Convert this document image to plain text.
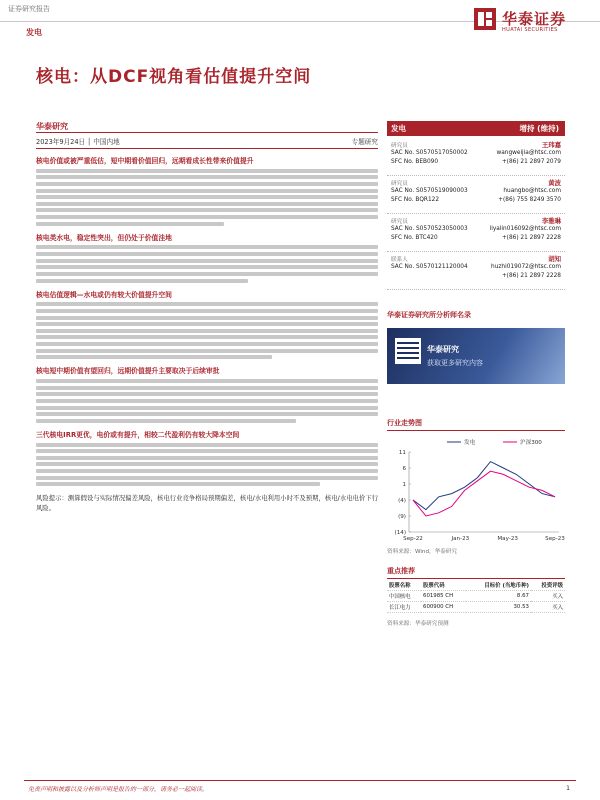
证券研究报告
发电
华泰证券
HUATAI SECURITIES
核电：从DCF视角看估值提升空间
华泰研究
2023年9月24日 │ 中国内地	专题研究
核电价值或被严重低估，短中期看价值回归，远期看成长性带来价值提升
核电类水电，稳定性突出，但仍处于价值洼地
核电估值逻辑—水电或仍有较大价值提升空间
核电短中期价值有望回归，远期价值提升主要取决于后续审批
三代核电IRR更优，电价或有提升，相较二代盈利仍有较大降本空间
风险提示：测算假设与实际情况偏差风险，核电行业竞争格局预期偏差，核电/水电利用小时不及预期，核电/水电电价下行风险。
发电	增持 (维持)
研究员	王玮嘉
SAC No. S0570517050002
SFC No. BEB090
wangweijia@htsc.com
+(86) 21 2897 2079
研究员	黄波
SAC No. S0570519090003
SFC No. BQR122
huangbo@htsc.com
+(86) 755 8249 3570
研究员	李雅琳
SAC No. S0570523050003
SFC No. BTC420
liyalin016092@htsc.com
+(86) 21 2897 2228
联系人	胡知
SAC No. S0570121120004	huzhi019072@htsc.com
+(86) 21 2897 2228
华泰证券研究所分析师名录
华泰研究
获取更多研究内容
行业走势图
发电	沪深300
11
6
1
(4)
(9)
(14)
Sep-22	Jan-23	May-23	Sep-23
资料来源：Wind，华泰研究
重点推荐
股票名称	股票代码	目标价 (当地币种)	投资评级
中国核电	601985 CH	8.67	买入
长江电力	600900 CH	30.53	买入
资料来源：华泰研究预测
免责声明和披露以及分析师声明是报告的一部分，请务必一起阅读。	1
